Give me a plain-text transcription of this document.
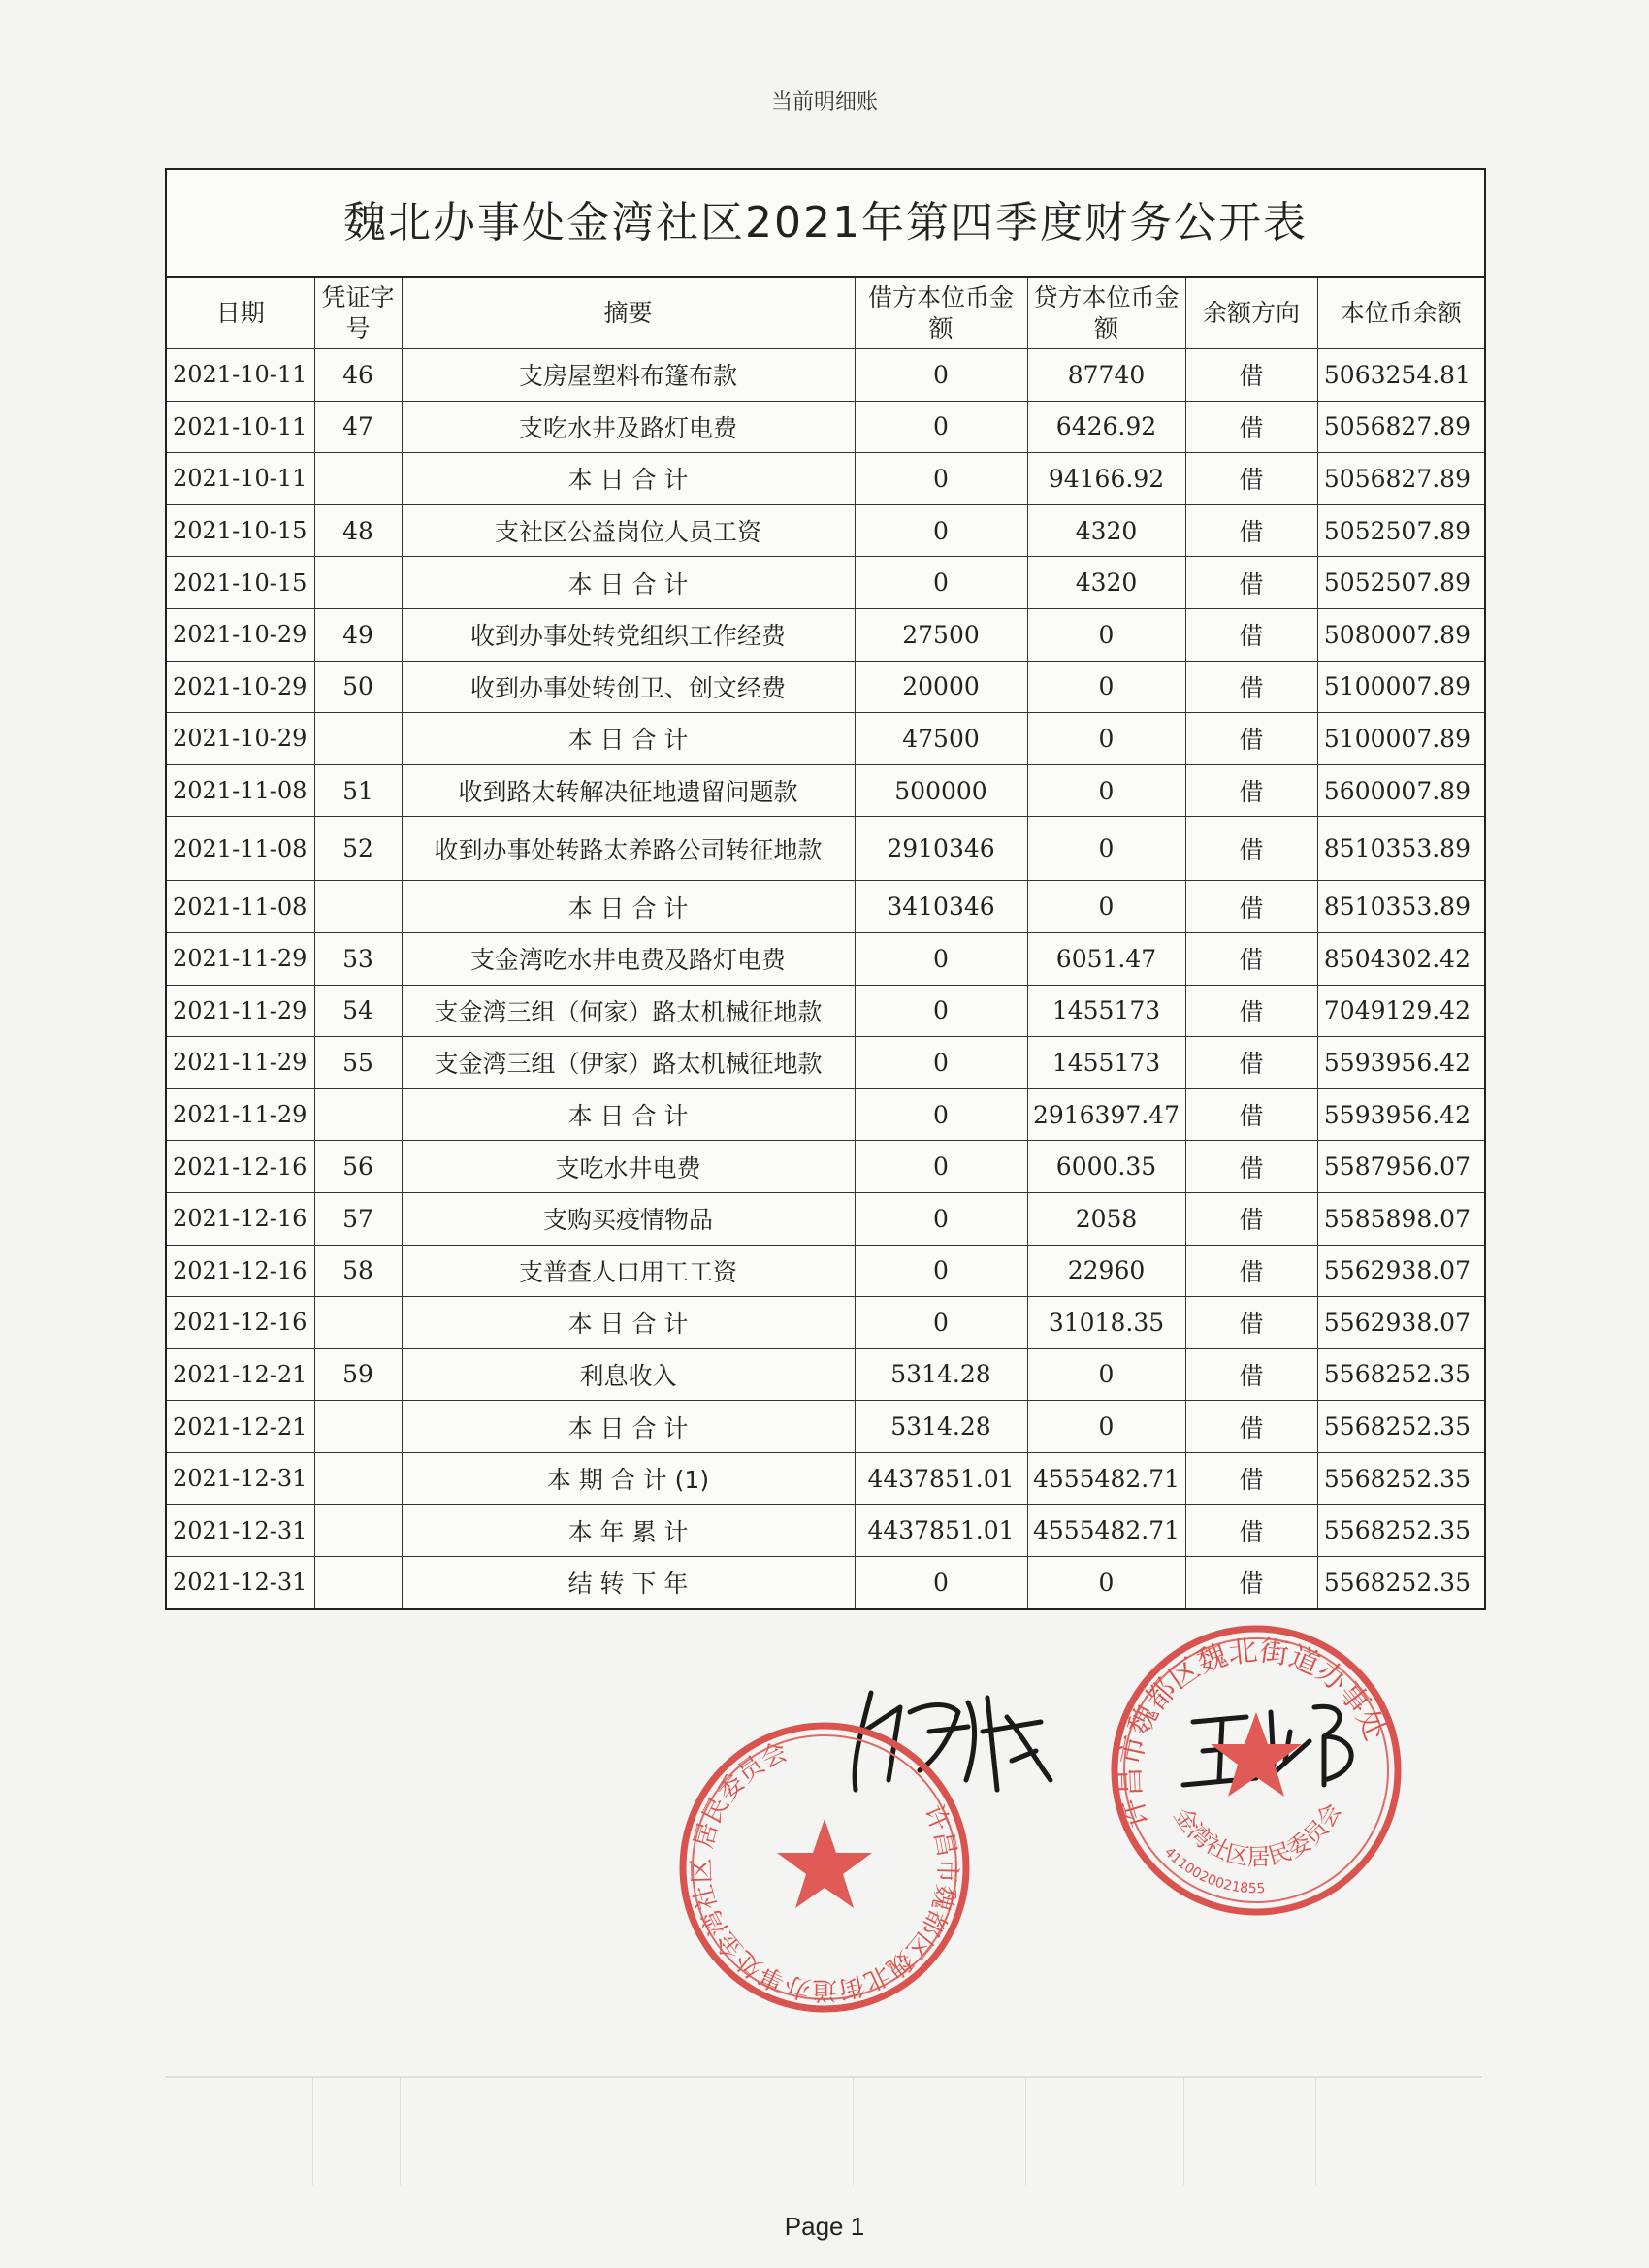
当前明细账
魏北办事处金湾社区2021年第四季度财务公开表
日期	凭证字号	摘要	借方本位币金额	贷方本位币金额	余额方向	本位币余额
2021-10-11	46	支房屋塑料布篷布款	0	87740	借	5063254.81
2021-10-11	47	支吃水井及路灯电费	0	6426.92	借	5056827.89
2021-10-11		本 日 合 计	0	94166.92	借	5056827.89
2021-10-15	48	支社区公益岗位人员工资	0	4320	借	5052507.89
2021-10-15		本 日 合 计	0	4320	借	5052507.89
2021-10-29	49	收到办事处转党组织工作经费	27500	0	借	5080007.89
2021-10-29	50	收到办事处转创卫、创文经费	20000	0	借	5100007.89
2021-10-29		本 日 合 计	47500	0	借	5100007.89
2021-11-08	51	收到路太转解决征地遗留问题款	500000	0	借	5600007.89
2021-11-08	52	收到办事处转路太养路公司转征地款	2910346	0	借	8510353.89
2021-11-08		本 日 合 计	3410346	0	借	8510353.89
2021-11-29	53	支金湾吃水井电费及路灯电费	0	6051.47	借	8504302.42
2021-11-29	54	支金湾三组（何家）路太机械征地款	0	1455173	借	7049129.42
2021-11-29	55	支金湾三组（伊家）路太机械征地款	0	1455173	借	5593956.42
2021-11-29		本 日 合 计	0	2916397.47	借	5593956.42
2021-12-16	56	支吃水井电费	0	6000.35	借	5587956.07
2021-12-16	57	支购买疫情物品	0	2058	借	5585898.07
2021-12-16	58	支普查人口用工工资	0	22960	借	5562938.07
2021-12-16		本 日 合 计	0	31018.35	借	5562938.07
2021-12-21	59	利息收入	5314.28	0	借	5568252.35
2021-12-21		本 日 合 计	5314.28	0	借	5568252.35
2021-12-31		本 期 合 计 (1)	4437851.01	4555482.71	借	5568252.35
2021-12-31		本 年 累 计	4437851.01	4555482.71	借	5568252.35
2021-12-31		结 转 下 年	0	0	借	5568252.35
许昌市魏都区魏北街道办事处金湾社区 居民委员会
许昌市魏都区魏北街道办事处
金湾社区居民委员会
4110020021855
Page 1
